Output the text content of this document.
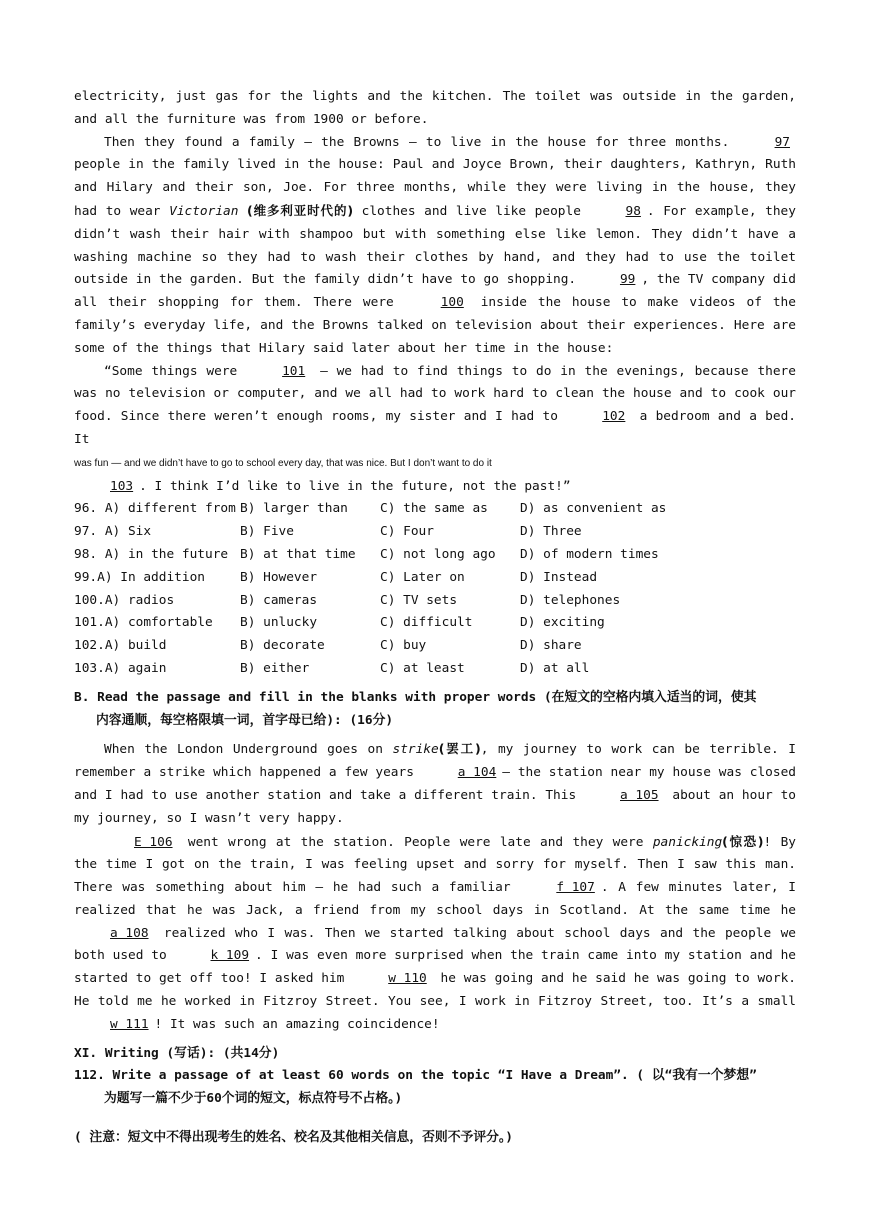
electricity, just gas for the lights and the kitchen. The toilet was outside in the garden, and all the furniture was from 1900 or before.

Then they found a family — the Browns — to live in the house for three months.	97 people in the family lived in the house: Paul and Joyce Brown, their daughters, Kathryn, Ruth and Hilary and their son, Joe. For three months, while they were living in the house, they had to wear Victorian (维多利亚时代的) clothes and live like people	98 . For example, they didn’t wash their hair with shampoo but with something else like lemon. They didn’t have a washing machine so they had to wash their clothes by hand, and they had to use the toilet outside in the garden. But the family didn’t have to go shopping.	99 , the TV company did all their shopping for them. There were	100 inside the house to make videos of the family’s everyday life, and the Browns talked on television about their experiences. Here are some of the things that Hilary said later about her time in the house:

“Some things were	101 — we had to find things to do in the evenings, because there was no television or computer, and we all had to work hard to clean the house and to cook our food. Since there weren’t enough rooms, my sister and I had to	102 a bedroom and a bed. It
was fun — and we didn’t have to go to school every day, that was nice. But I don’t want to do it
103 . I think I’d like to live in the future, not the past!”

96. A) different from B) larger than	C) the same as	D) as convenient as
97. A) Six	B) Five	C) Four	D) Three
98. A) in the future B) at that time C) not long ago D) of modern times
99.A) In addition	B) However	C) Later on	D) Instead
100.A) radios	B) cameras	C) TV sets	D) telephones
101.A) comfortable B) unlucky	C) difficult	D) exciting
102.A) build	B) decorate	C) buy	D) share
103.A) again	B) either	C) at least	D) at all
B. Read the passage and fill in the blanks with proper words (在短文的空格内填入适当的词，使其
内容通顺，每空格限填一词，首字母已给): (16分)

When the London Underground goes on strike(罢工), my journey to work can be terrible. I remember a strike which happened a few years	a 104 — the station near my house was closed and I had to use another station and take a different train. This	a 105 about an hour to my journey, so I wasn’t very happy.

E 106 went wrong at the station. People were late and they were panicking(惊恐)! By the time I got on the train, I was feeling upset and sorry for myself. Then I saw this man. There was something about him — he had such a familiar	f 107 . A few minutes later, I realized that he was Jack, a friend from my school days in Scotland. At the same time he a 108 realized who I was. Then we started talking about school days and the people we both used to	k 109 . I was even more surprised when the train came into my station and he started to get off too! I asked him	w 110 he was going and he said he was going to work. He told me he worked in Fitzroy Street. You see, I work in Fitzroy Street, too. It’s a small w 111 ! It was such an amazing coincidence!

XI. Writing (写话): (共14分)
112. Write a passage of at least 60 words on the topic “I Have a Dream”. ( 以“我有一个梦想”
为题写一篇不少于60个词的短文，标点符号不占格。)
( 注意：短文中不得出现考生的姓名、校名及其他相关信息，否则不予评分。)
